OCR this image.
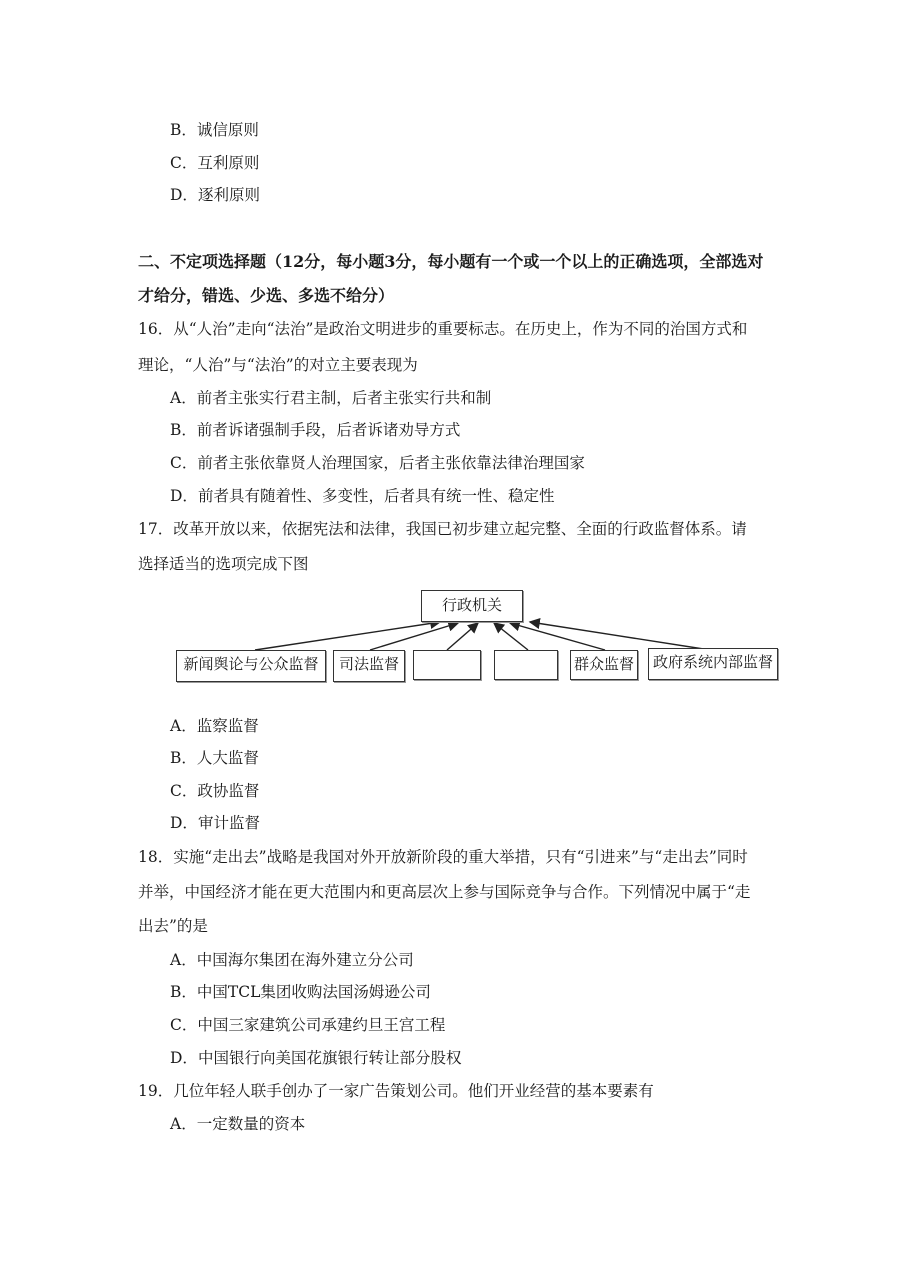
B．诚信原则
C．互利原则
D．逐利原则
二、不定项选择题（12分，每小题3分，每小题有一个或一个以上的正确选项，全部选对
才给分，错选、少选、多选不给分）
16．从“人治”走向“法治”是政治文明进步的重要标志。在历史上，作为不同的治国方式和
理论，“人治”与“法治”的对立主要表现为
A．前者主张实行君主制，后者主张实行共和制
B．前者诉诸强制手段，后者诉诸劝导方式
C．前者主张依靠贤人治理国家，后者主张依靠法律治理国家
D．前者具有随着性、多变性，后者具有统一性、稳定性
17．改革开放以来，依据宪法和法律，我国已初步建立起完整、全面的行政监督体系。请
选择适当的选项完成下图
行政机关
新闻舆论与公众监督	司法监督	群众监督	政府系统内部监督
A．监察监督
B．人大监督
C．政协监督
D．审计监督
18．实施“走出去”战略是我国对外开放新阶段的重大举措，只有“引进来”与“走出去”同时
并举，中国经济才能在更大范围内和更高层次上参与国际竞争与合作。下列情况中属于“走
出去”的是
A．中国海尔集团在海外建立分公司
B．中国TCL集团收购法国汤姆逊公司
C．中国三家建筑公司承建约旦王宫工程
D．中国银行向美国花旗银行转让部分股权
19．几位年轻人联手创办了一家广告策划公司。他们开业经营的基本要素有
A．一定数量的资本
